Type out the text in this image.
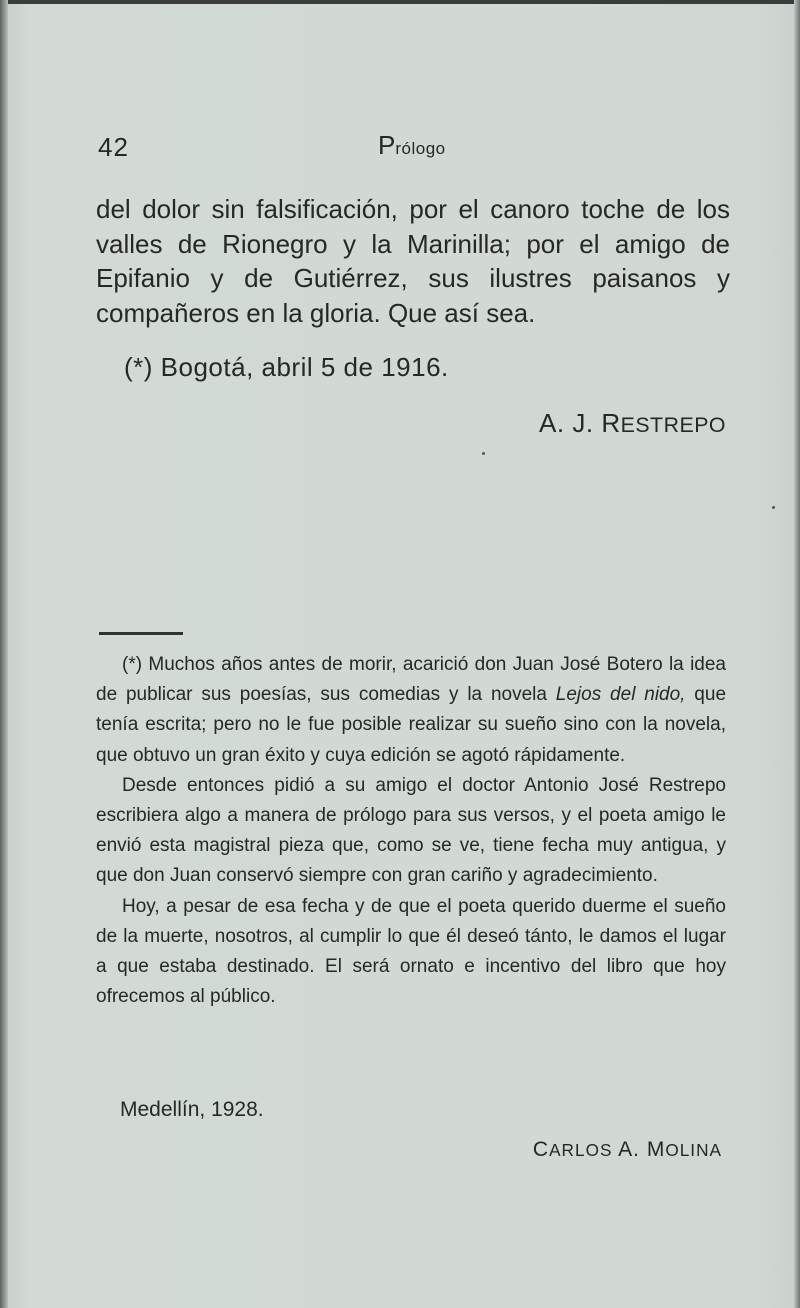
42	Prólogo
del dolor sin falsificación, por el canoro toche de los valles de Rionegro y la Marinilla; por el amigo de Epifanio y de Gutiérrez, sus ilustres paisanos y compañeros en la gloria. Que así sea.
(*) Bogotá, abril 5 de 1916.
A. J. RESTREPO

(*) Muchos años antes de morir, acarició don Juan José Botero la idea de publicar sus poesías, sus comedias y la novela Lejos del nido, que tenía escrita; pero no le fue posible realizar su sueño sino con la novela, que obtuvo un gran éxito y cuya edición se agotó rápidamente.

Desde entonces pidió a su amigo el doctor Antonio José Restrepo escribiera algo a manera de prólogo para sus versos, y el poeta amigo le envió esta magistral pieza que, como se ve, tiene fecha muy antigua, y que don Juan conservó siempre con gran cariño y agradecimiento.

Hoy, a pesar de esa fecha y de que el poeta querido duerme el sueño de la muerte, nosotros, al cumplir lo que él deseó tánto, le damos el lugar a que estaba destinado. El será ornato e incentivo del libro que hoy ofrecemos al público.

Medellín, 1928.
CARLOS A. MOLINA
